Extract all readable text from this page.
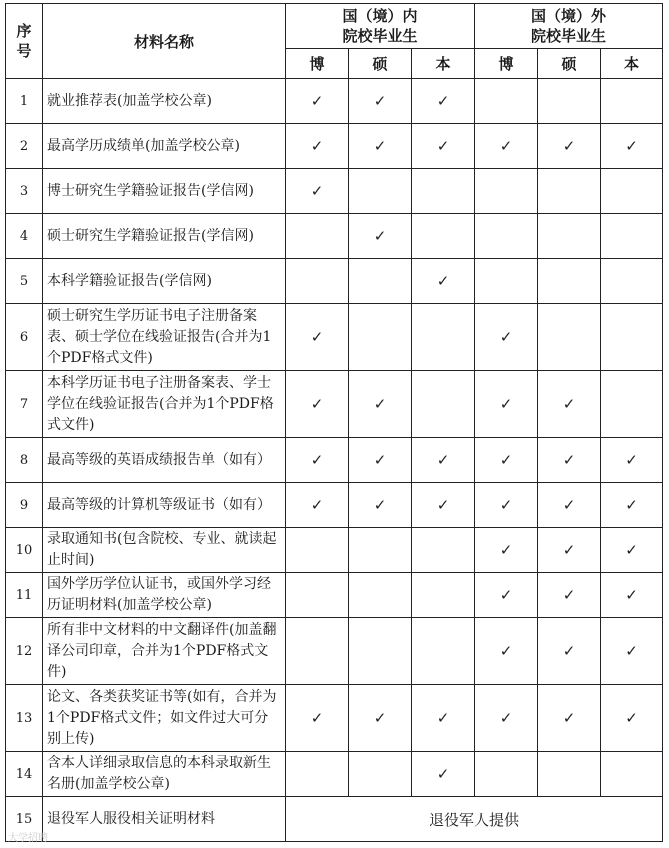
序号	材料名称	国（境）内
院校毕业生			国（境）外
院校毕业生		
		博	硕	本	博	硕	本
1	就业推荐表(加盖学校公章)	✓	✓	✓			
2	最高学历成绩单(加盖学校公章)	✓	✓	✓	✓	✓	✓
3	博士研究生学籍验证报告(学信网)	✓					
4	硕士研究生学籍验证报告(学信网)		✓				
5	本科学籍验证报告(学信网)			✓			
6	硕士研究生学历证书电子注册备案表、硕士学位在线验证报告(合并为1个PDF格式文件)	✓			✓		
7	本科学历证书电子注册备案表、学士学位在线验证报告(合并为1个PDF格式文件)	✓	✓		✓	✓	
8	最高等级的英语成绩报告单（如有）	✓	✓	✓	✓	✓	✓
9	最高等级的计算机等级证书（如有）	✓	✓	✓	✓	✓	✓
10	录取通知书(包含院校、专业、就读起止时间)				✓	✓	✓
11	国外学历学位认证书，或国外学习经历证明材料(加盖学校公章)				✓	✓	✓
12	所有非中文材料的中文翻译件(加盖翻译公司印章，合并为1个PDF格式文件)				✓	✓	✓
13	论文、各类获奖证书等(如有，合并为1个PDF格式文件；如文件过大可分别上传)	✓	✓	✓	✓	✓	✓
14	含本人详细录取信息的本科录取新生名册(加盖学校公章)			✓			
15	退役军人服役相关证明材料	退役军人提供					
大学招聘
